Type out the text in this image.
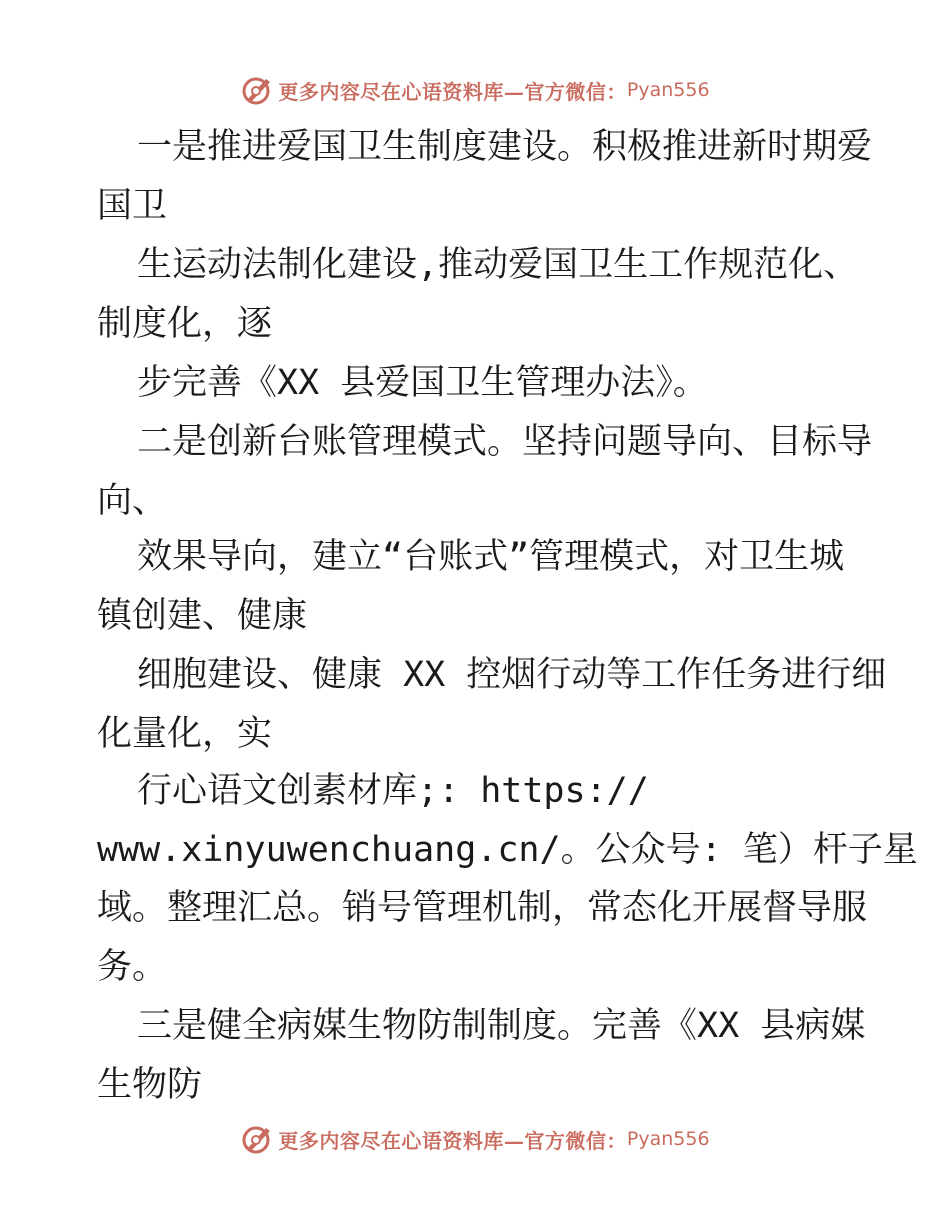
更多内容尽在心语资料库—官方微信： Pyan556
一是推进爱国卫生制度建设。积极推进新时期爱
国卫
生运动法制化建设,推动爱国卫生工作规范化、
制度化，逐
步完善《XX 县爱国卫生管理办法》。
二是创新台账管理模式。坚持问题导向、目标导
向、
效果导向，建立“台账式”管理模式，对卫生城
镇创建、健康
细胞建设、健康 XX 控烟行动等工作任务进行细
化量化，实
行心语文创素材库;: https://
www.xinyuwenchuang.cn/。公众号: 笔）杆子星
域。整理汇总。销号管理机制，常态化开展督导服
务。
三是健全病媒生物防制制度。完善《XX 县病媒
生物防
更多内容尽在心语资料库—官方微信： Pyan556
